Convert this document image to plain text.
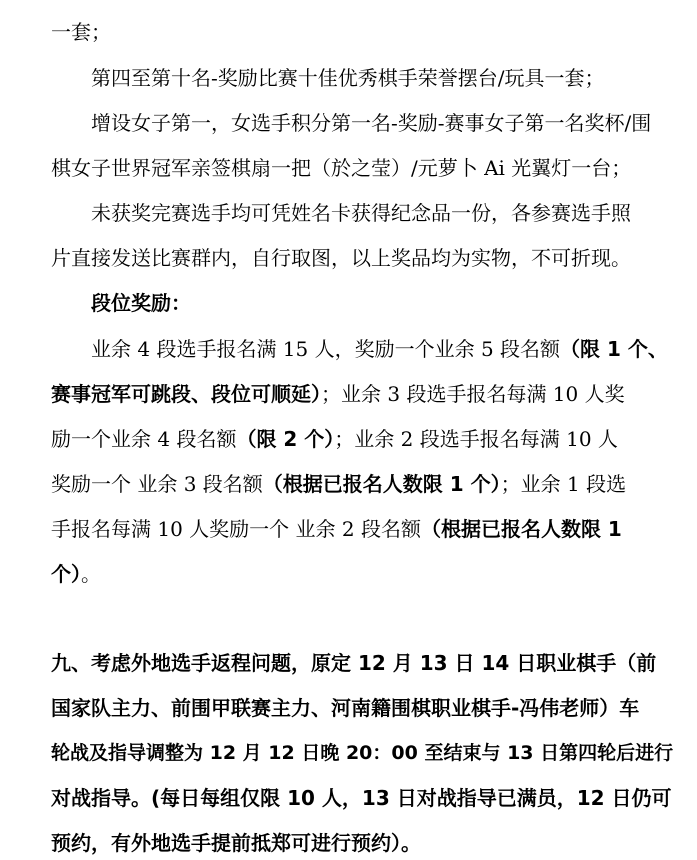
一套；
第四至第十名-奖励比赛十佳优秀棋手荣誉摆台/玩具一套；
增设女子第一，女选手积分第一名-奖励-赛事女子第一名奖杯/围
棋女子世界冠军亲签棋扇一把（於之莹）/元萝卜 Ai 光翼灯一台；
未获奖完赛选手均可凭姓名卡获得纪念品一份，各参赛选手照
片直接发送比赛群内，自行取图，以上奖品均为实物，不可折现。
段位奖励：
业余 4 段选手报名满 15 人，奖励一个业余 5 段名额（限 1 个、
赛事冠军可跳段、段位可顺延）；业余 3 段选手报名每满 10 人奖
励一个业余 4 段名额（限 2 个）；业余 2 段选手报名每满 10 人
奖励一个 业余 3 段名额（根据已报名人数限 1 个）；业余 1 段选
手报名每满 10 人奖励一个 业余 2 段名额（根据已报名人数限 1
个）。
九、考虑外地选手返程问题，原定 12 月 13 日 14 日职业棋手（前
国家队主力、前围甲联赛主力、河南籍围棋职业棋手-冯伟老师）车
轮战及指导调整为 12 月 12 日晚 20：00 至结束与 13 日第四轮后进行
对战指导。(每日每组仅限 10 人，13 日对战指导已满员，12 日仍可
预约，有外地选手提前抵郑可进行预约）。
